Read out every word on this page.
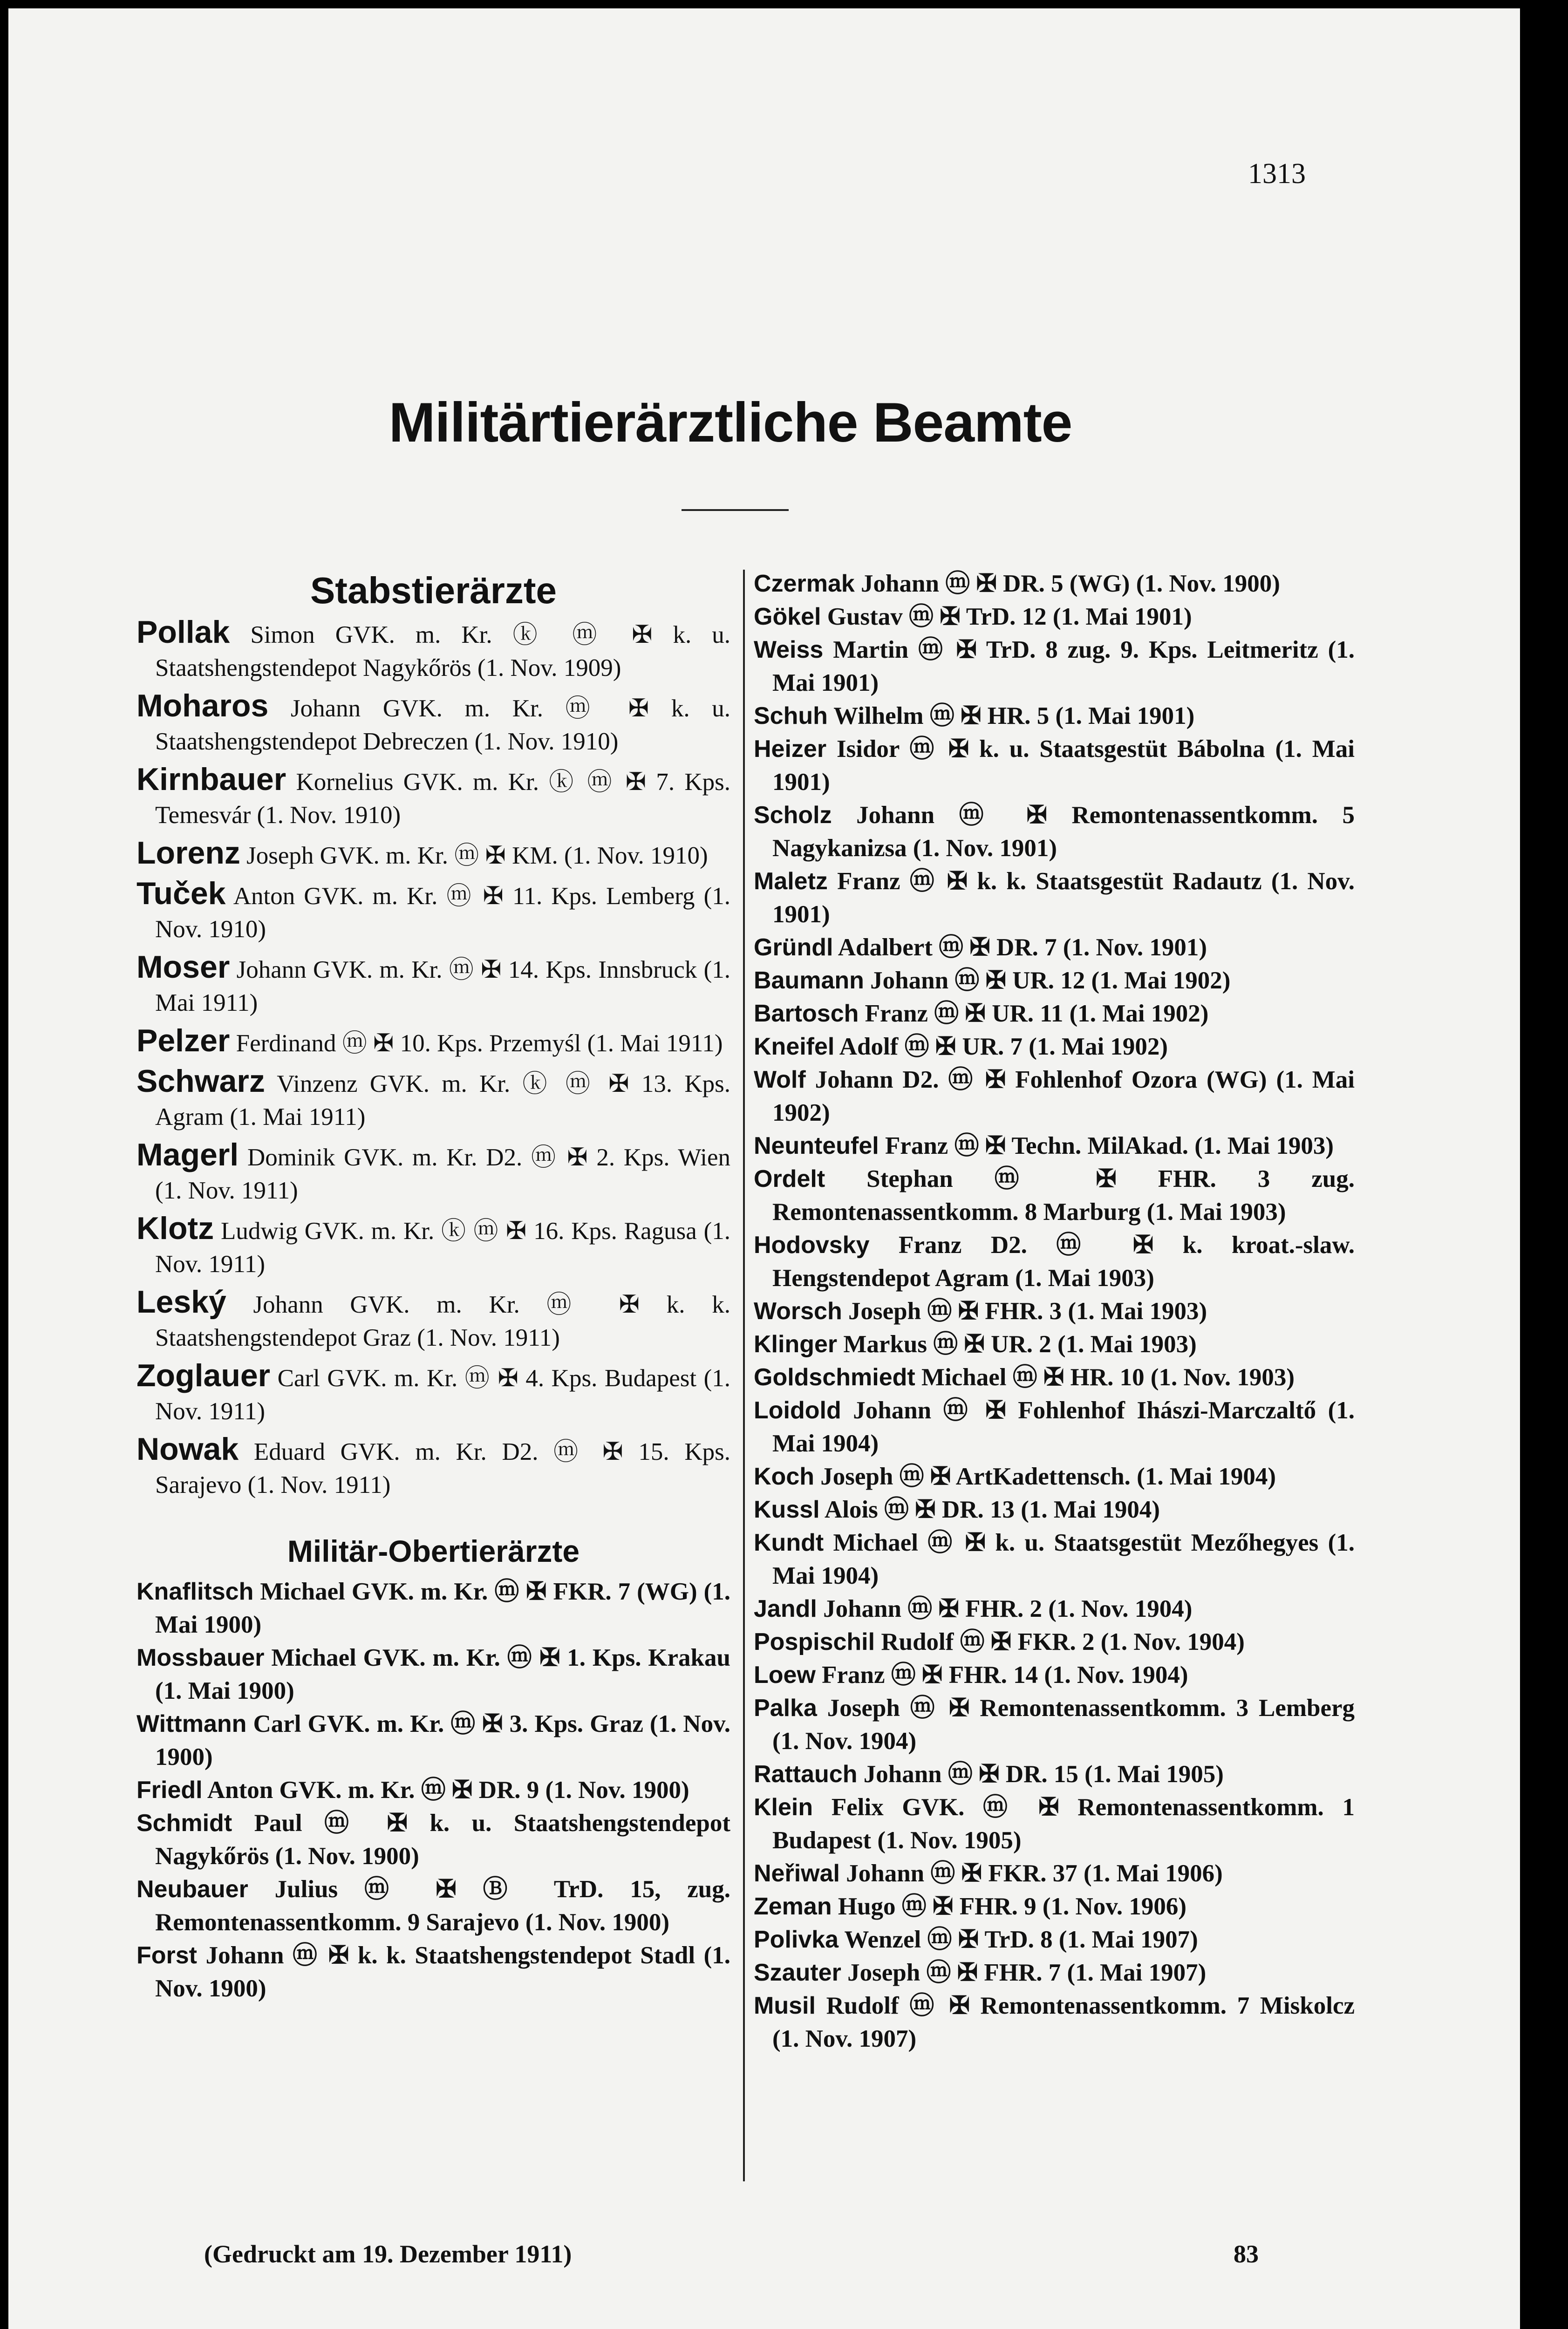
1313
Militärtierärztliche Beamte
Stabstierärzte

Pollak Simon GVK. m. Kr. ⓚ ⓜ ✠ k. u. Staatshengstendepot Nagykőrös (1. Nov. 1909)

Moharos Johann GVK. m. Kr. ⓜ ✠ k. u. Staatshengstendepot Debreczen (1. Nov. 1910)

Kirnbauer Kornelius GVK. m. Kr. ⓚ ⓜ ✠ 7. Kps. Temesvár (1. Nov. 1910)

Lorenz Joseph GVK. m. Kr. ⓜ ✠ KM. (1. Nov. 1910)

Tuček Anton GVK. m. Kr. ⓜ ✠ 11. Kps. Lemberg (1. Nov. 1910)

Moser Johann GVK. m. Kr. ⓜ ✠ 14. Kps. Innsbruck (1. Mai 1911)

Pelzer Ferdinand ⓜ ✠ 10. Kps. Przemyśl (1. Mai 1911)

Schwarz Vinzenz GVK. m. Kr. ⓚ ⓜ ✠ 13. Kps. Agram (1. Mai 1911)

Magerl Dominik GVK. m. Kr. D2. ⓜ ✠ 2. Kps. Wien (1. Nov. 1911)

Klotz Ludwig GVK. m. Kr. ⓚ ⓜ ✠ 16. Kps. Ragusa (1. Nov. 1911)

Leský Johann GVK. m. Kr. ⓜ ✠ k. k. Staatshengstendepot Graz (1. Nov. 1911)

Zoglauer Carl GVK. m. Kr. ⓜ ✠ 4. Kps. Budapest (1. Nov. 1911)

Nowak Eduard GVK. m. Kr. D2. ⓜ ✠ 15. Kps. Sarajevo (1. Nov. 1911)

Militär-Obertierärzte

Knaflitsch Michael GVK. m. Kr. ⓜ ✠ FKR. 7 (WG) (1. Mai 1900)

Mossbauer Michael GVK. m. Kr. ⓜ ✠ 1. Kps. Krakau (1. Mai 1900)

Wittmann Carl GVK. m. Kr. ⓜ ✠ 3. Kps. Graz (1. Nov. 1900)

Friedl Anton GVK. m. Kr. ⓜ ✠ DR. 9 (1. Nov. 1900)

Schmidt Paul ⓜ ✠ k. u. Staatshengstendepot Nagykőrös (1. Nov. 1900)

Neubauer Julius ⓜ ✠ Ⓑ TrD. 15, zug. Remontenassentkomm. 9 Sarajevo (1. Nov. 1900)

Forst Johann ⓜ ✠ k. k. Staatshengstendepot Stadl (1. Nov. 1900)

Czermak Johann ⓜ ✠ DR. 5 (WG) (1. Nov. 1900)

Gökel Gustav ⓜ ✠ TrD. 12 (1. Mai 1901)

Weiss Martin ⓜ ✠ TrD. 8 zug. 9. Kps. Leitmeritz (1. Mai 1901)

Schuh Wilhelm ⓜ ✠ HR. 5 (1. Mai 1901)

Heizer Isidor ⓜ ✠ k. u. Staatsgestüt Bábolna (1. Mai 1901)

Scholz Johann ⓜ ✠ Remontenassentkomm. 5 Nagykanizsa (1. Nov. 1901)

Maletz Franz ⓜ ✠ k. k. Staatsgestüt Radautz (1. Nov. 1901)

Gründl Adalbert ⓜ ✠ DR. 7 (1. Nov. 1901)

Baumann Johann ⓜ ✠ UR. 12 (1. Mai 1902)

Bartosch Franz ⓜ ✠ UR. 11 (1. Mai 1902)

Kneifel Adolf ⓜ ✠ UR. 7 (1. Mai 1902)

Wolf Johann D2. ⓜ ✠ Fohlenhof Ozora (WG) (1. Mai 1902)

Neunteufel Franz ⓜ ✠ Techn. MilAkad. (1. Mai 1903)

Ordelt Stephan ⓜ ✠ FHR. 3 zug. Remontenassentkomm. 8 Marburg (1. Mai 1903)

Hodovsky Franz D2. ⓜ ✠ k. kroat.-slaw. Hengstendepot Agram (1. Mai 1903)

Worsch Joseph ⓜ ✠ FHR. 3 (1. Mai 1903)

Klinger Markus ⓜ ✠ UR. 2 (1. Mai 1903)

Goldschmiedt Michael ⓜ ✠ HR. 10 (1. Nov. 1903)

Loidold Johann ⓜ ✠ Fohlenhof Ihászi-Marczaltő (1. Mai 1904)

Koch Joseph ⓜ ✠ ArtKadettensch. (1. Mai 1904)

Kussl Alois ⓜ ✠ DR. 13 (1. Mai 1904)

Kundt Michael ⓜ ✠ k. u. Staatsgestüt Mezőhegyes (1. Mai 1904)

Jandl Johann ⓜ ✠ FHR. 2 (1. Nov. 1904)

Pospischil Rudolf ⓜ ✠ FKR. 2 (1. Nov. 1904)

Loew Franz ⓜ ✠ FHR. 14 (1. Nov. 1904)

Palka Joseph ⓜ ✠ Remontenassentkomm. 3 Lemberg (1. Nov. 1904)

Rattauch Johann ⓜ ✠ DR. 15 (1. Mai 1905)

Klein Felix GVK. ⓜ ✠ Remontenassentkomm. 1 Budapest (1. Nov. 1905)

Neřiwal Johann ⓜ ✠ FKR. 37 (1. Mai 1906)

Zeman Hugo ⓜ ✠ FHR. 9 (1. Nov. 1906)

Polivka Wenzel ⓜ ✠ TrD. 8 (1. Mai 1907)

Szauter Joseph ⓜ ✠ FHR. 7 (1. Mai 1907)

Musil Rudolf ⓜ ✠ Remontenassentkomm. 7 Miskolcz (1. Nov. 1907)

(Gedruckt am 19. Dezember 1911)	83
